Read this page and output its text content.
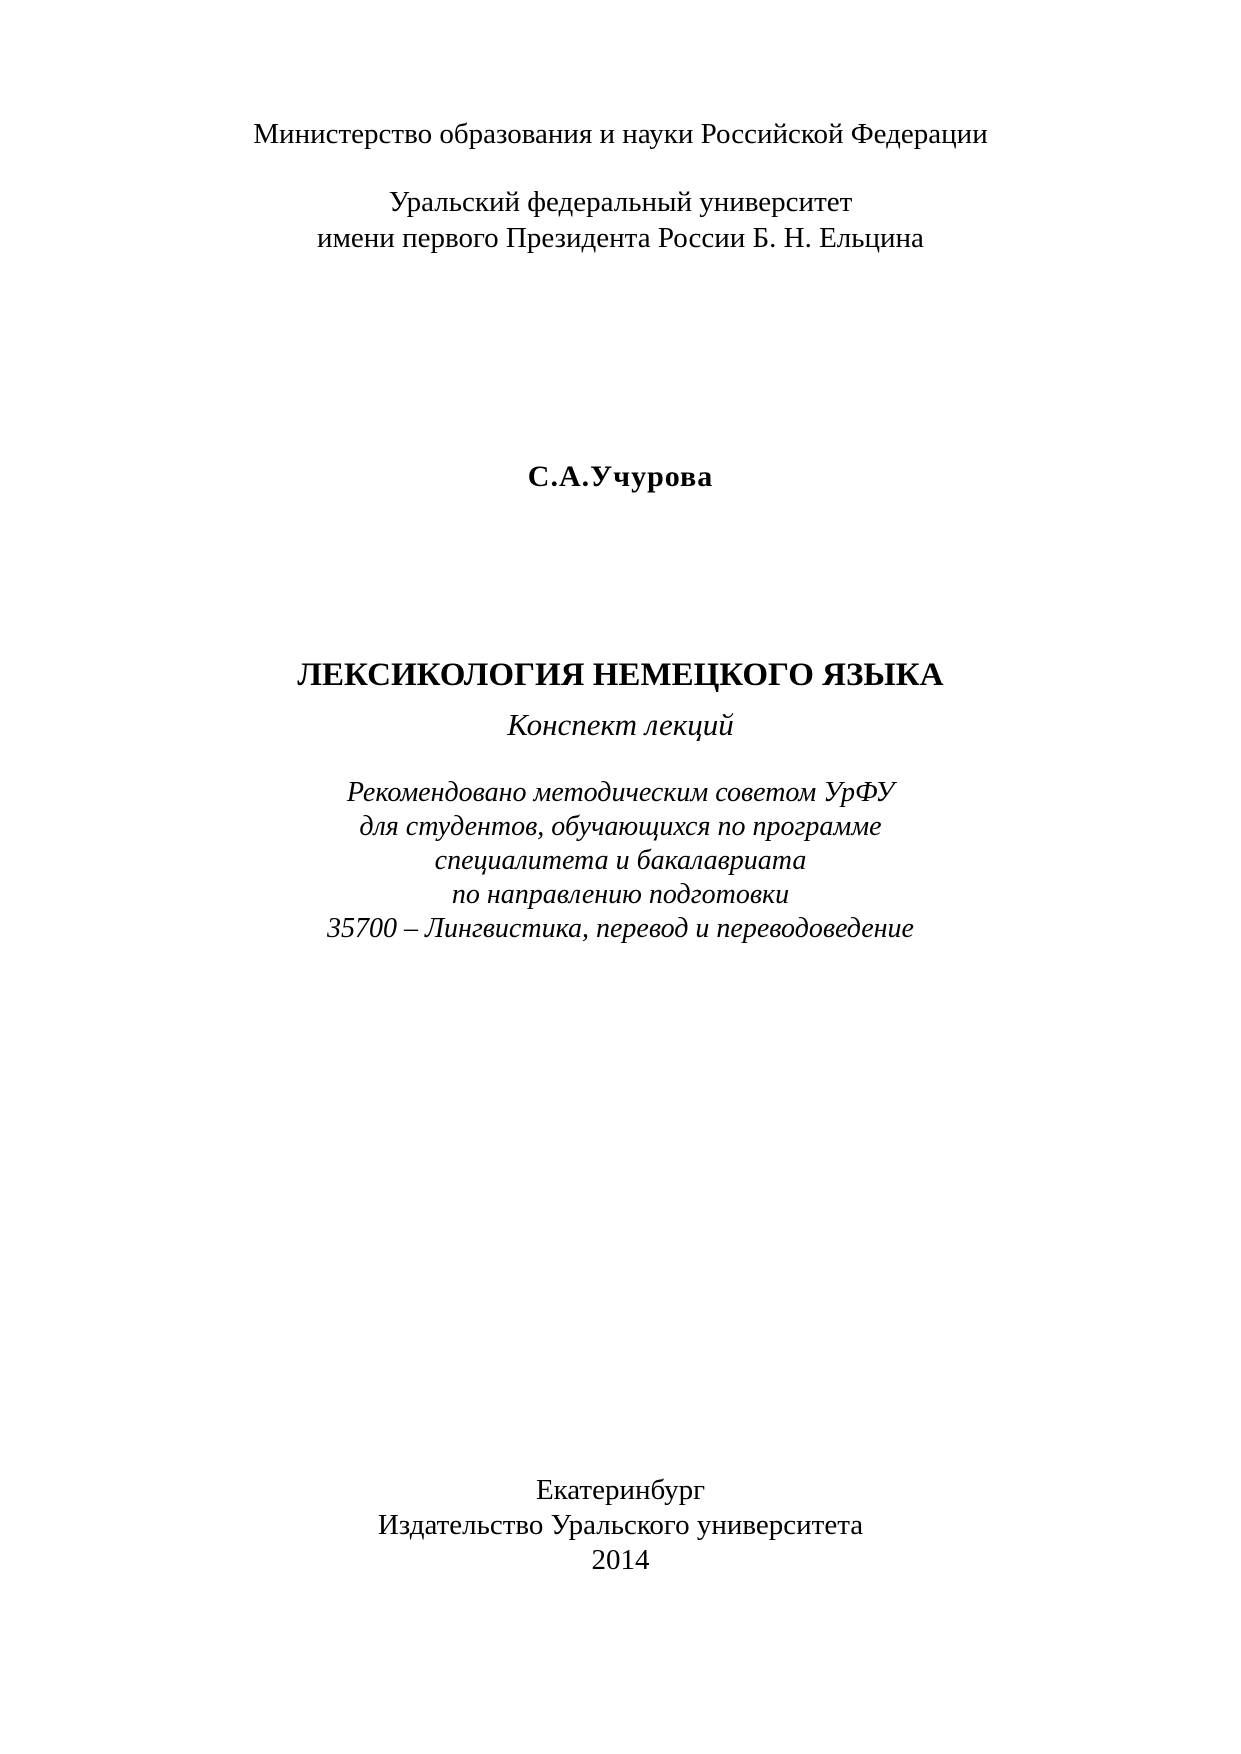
Министерство образования и науки Российской Федерации
Уральский федеральный университет
имени первого Президента России Б. Н. Ельцина
С.А.Учурова
ЛЕКСИКОЛОГИЯ НЕМЕЦКОГО ЯЗЫКА
Конспект лекций
Рекомендовано методическим советом УрФУ
для студентов, обучающихся по программе
специалитета и бакалавриата
по направлению подготовки
35700 – Лингвистика, перевод и переводоведение
Екатеринбург
Издательство Уральского университета
2014
